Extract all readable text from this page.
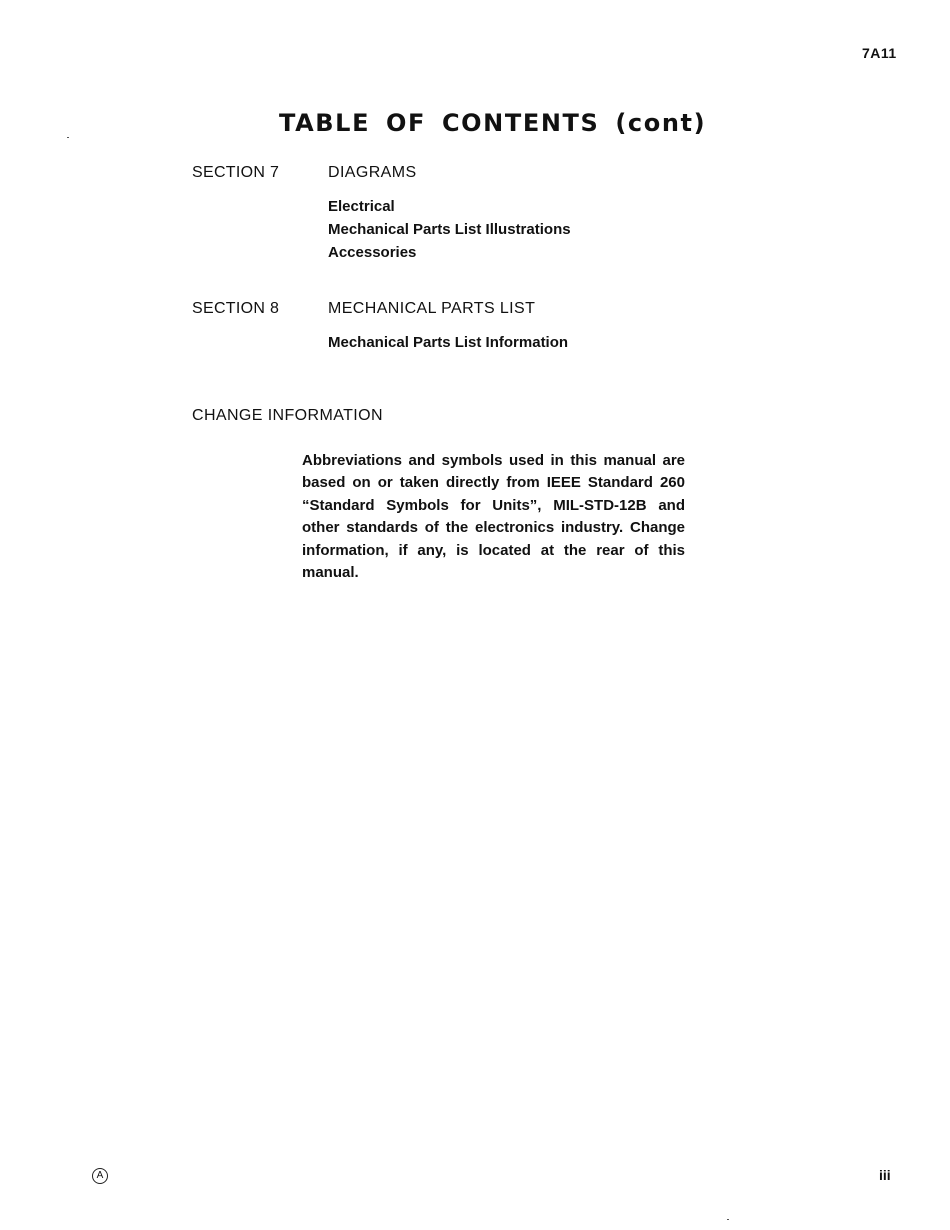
7A11
TABLE OF CONTENTS (cont)
SECTION 7	DIAGRAMS
Electrical
Mechanical Parts List Illustrations
Accessories
SECTION 8	MECHANICAL PARTS LIST
Mechanical Parts List Information
CHANGE INFORMATION

Abbreviations and symbols used in this manual are based on or taken directly from IEEE Standard 260 “Standard Symbols for Units”, MIL-STD-12B and other standards of the electronics industry. Change information, if any, is located at the rear of this manual.

A	iii
